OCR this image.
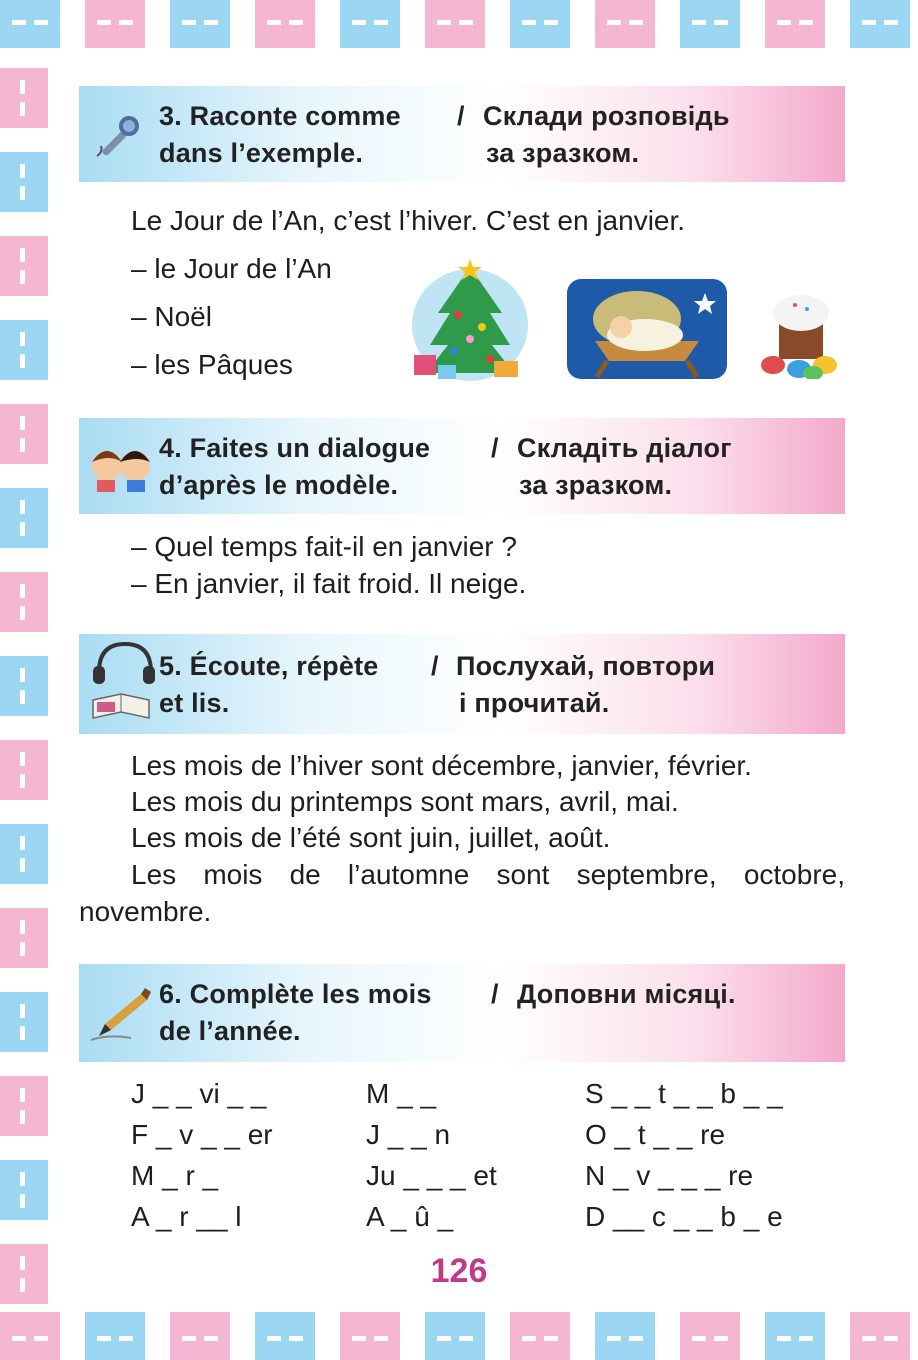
3. Raconte comme
dans l’exemple.
/ Склади розповідь
за зразком.
Le Jour de l’An, c’est l’hiver. C’est en janvier.
– le Jour de l’An
– Noël
– les Pâques
4. Faites un dialogue
d’après le modèle.
/ Складіть діалог
за зразком.
– Quel temps fait-il en janvier ?
– En janvier, il fait froid. Il neige.
5. Écoute, répète
et lis.
/ Послухай, повтори
і прочитай.
Les mois de l’hiver sont décembre, janvier, février.
Les mois du printemps sont mars, avril, mai.
Les mois de l’été sont juin, juillet, août.
Les mois de l’automne sont septembre, octobre,
novembre.
6. Complète les mois
de l’année.
/ Доповни місяці.
J _ _ vi _ _	M _ _	S _ _ t _ _ b _ _
F _ v _ _ er	J _ _ n	O _ t _ _ re
M _ r _	Ju _ _ _ et	N _ v _ _ _ re
A _ r __ l	A _ û _	D __ c _ _ b _ e
126
